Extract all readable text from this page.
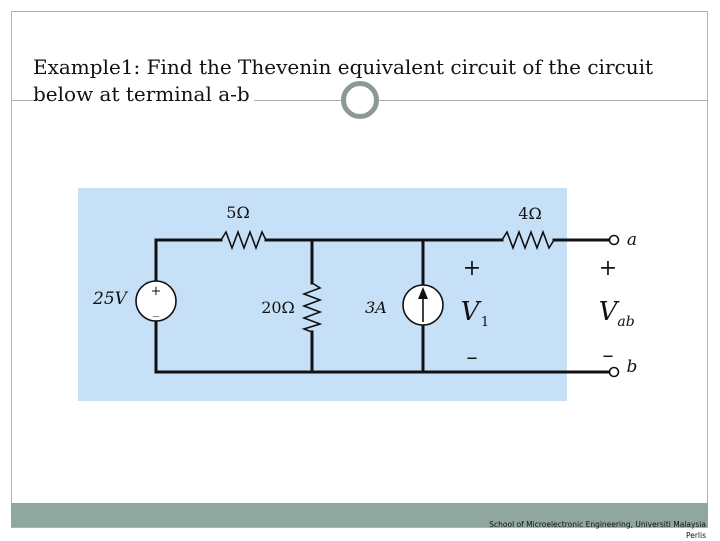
Example1: Find the Thevenin equivalent circuit of the circuit
below at terminal a-b
5Ω	4Ω
20Ω
25V +
_	3A
+
V 1
–
+
V ab
–
a
b
School of Microelectronic Engineering, Universiti Malaysia
Perlis
